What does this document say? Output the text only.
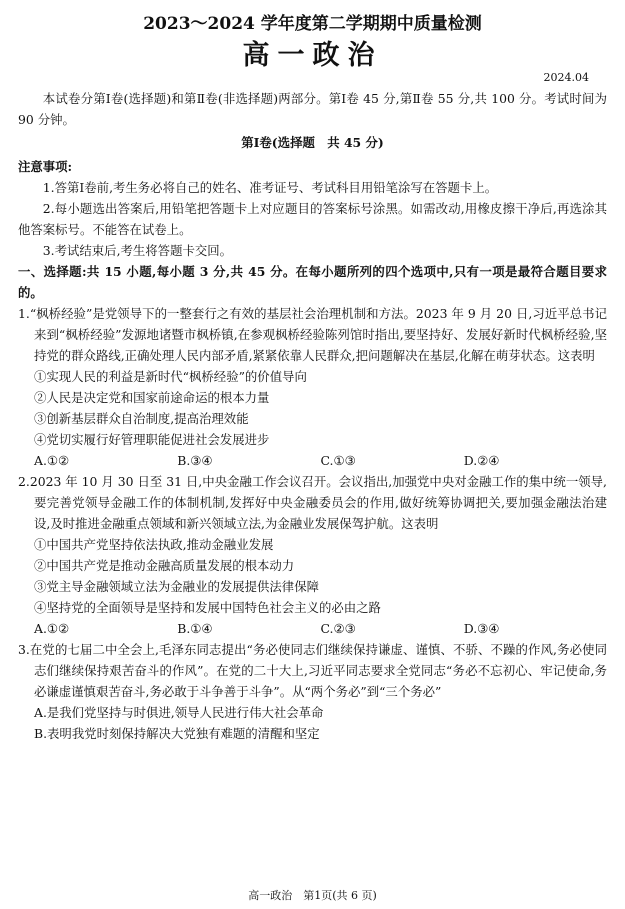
2023～2024 学年度第二学期期中质量检测
高一政治
2024.04

本试卷分第Ⅰ卷(选择题)和第Ⅱ卷(非选择题)两部分。第Ⅰ卷 45 分,第Ⅱ卷 55 分,共 100 分。考试时间为 90 分钟。

第Ⅰ卷(选择题　共 45 分)

注意事项:

1.答第Ⅰ卷前,考生务必将自己的姓名、准考证号、考试科目用铅笔涂写在答题卡上。

2.每小题选出答案后,用铅笔把答题卡上对应题目的答案标号涂黑。如需改动,用橡皮擦干净后,再选涂其他答案标号。不能答在试卷上。

3.考试结束后,考生将答题卡交回。

一、选择题:共 15 小题,每小题 3 分,共 45 分。在每小题所列的四个选项中,只有一项是最符合题目要求的。

1.“枫桥经验”是党领导下的一整套行之有效的基层社会治理机制和方法。2023 年 9 月 20 日,习近平总书记来到“枫桥经验”发源地诸暨市枫桥镇,在参观枫桥经验陈列馆时指出,要坚持好、发展好新时代枫桥经验,坚持党的群众路线,正确处理人民内部矛盾,紧紧依靠人民群众,把问题解决在基层,化解在萌芽状态。这表明

①实现人民的利益是新时代“枫桥经验”的价值导向

②人民是决定党和国家前途命运的根本力量

③创新基层群众自治制度,提高治理效能

④党切实履行好管理职能促进社会发展进步

A.①②	B.③④	C.①③	D.②④

2.2023 年 10 月 30 日至 31 日,中央金融工作会议召开。会议指出,加强党中央对金融工作的集中统一领导,要完善党领导金融工作的体制机制,发挥好中央金融委员会的作用,做好统筹协调把关,要加强金融法治建设,及时推进金融重点领域和新兴领域立法,为金融业发展保驾护航。这表明

①中国共产党坚持依法执政,推动金融业发展

②中国共产党是推动金融高质量发展的根本动力

③党主导金融领域立法为金融业的发展提供法律保障

④坚持党的全面领导是坚持和发展中国特色社会主义的必由之路

A.①②	B.①④	C.②③	D.③④

3.在党的七届二中全会上,毛泽东同志提出“务必使同志们继续保持谦虚、谨慎、不骄、不躁的作风,务必使同志们继续保持艰苦奋斗的作风”。在党的二十大上,习近平同志要求全党同志“务必不忘初心、牢记使命,务必谦虚谨慎艰苦奋斗,务必敢于斗争善于斗争”。从“两个务必”到“三个务必”

A.是我们党坚持与时俱进,领导人民进行伟大社会革命

B.表明我党时刻保持解决大党独有难题的清醒和坚定

高一政治　第1页(共 6 页)
